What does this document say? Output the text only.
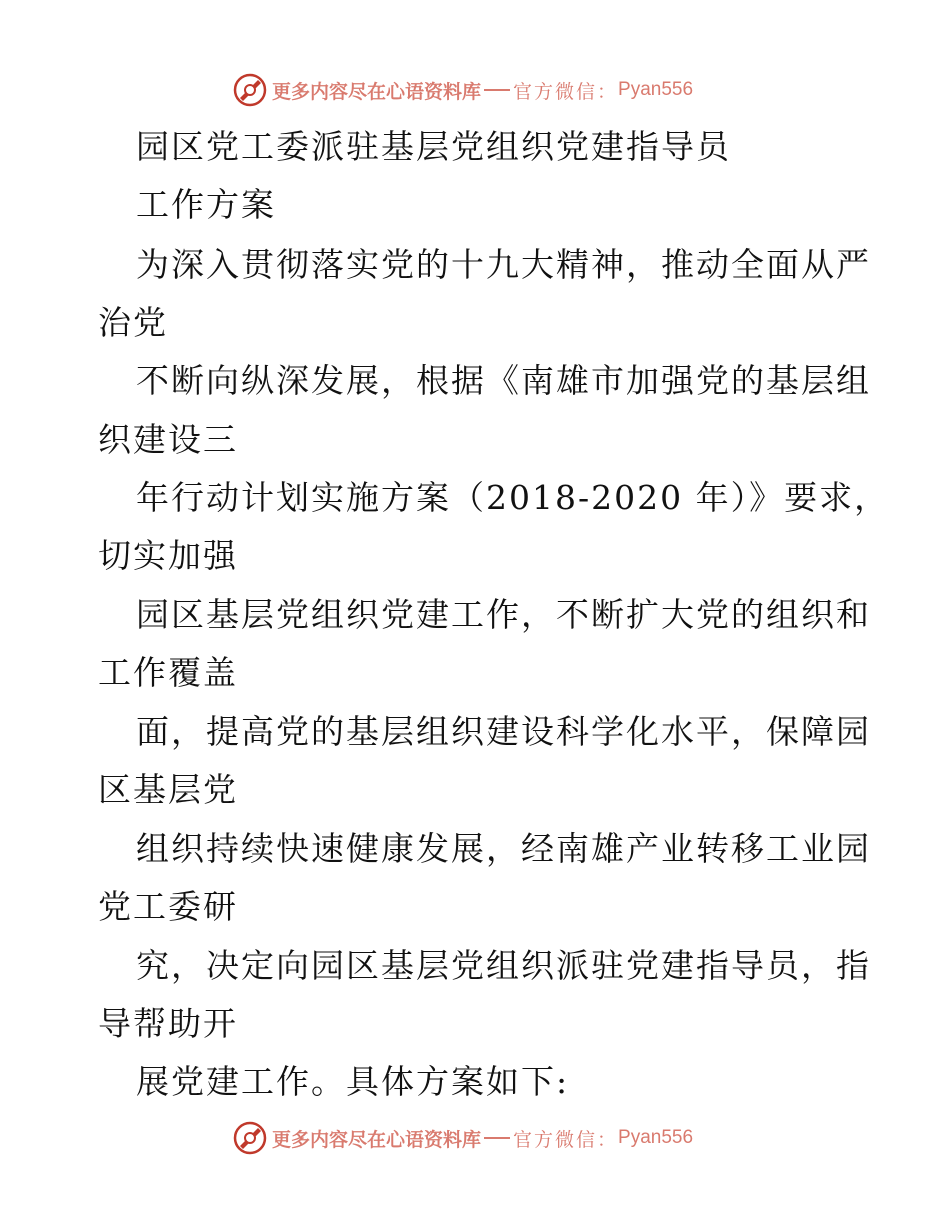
更多内容尽在心语资料库 官方微信： Pyan556
园区党工委派驻基层党组织党建指导员
工作方案
为深入贯彻落实党的十九大精神，推动全面从严
治党
不断向纵深发展，根据《南雄市加强党的基层组
织建设三
年行动计划实施方案（2018-2020 年）》要求，
切实加强
园区基层党组织党建工作，不断扩大党的组织和
工作覆盖
面，提高党的基层组织建设科学化水平，保障园
区基层党
组织持续快速健康发展，经南雄产业转移工业园
党工委研
究，决定向园区基层党组织派驻党建指导员，指
导帮助开
展党建工作。具体方案如下:
更多内容尽在心语资料库 官方微信： Pyan556
